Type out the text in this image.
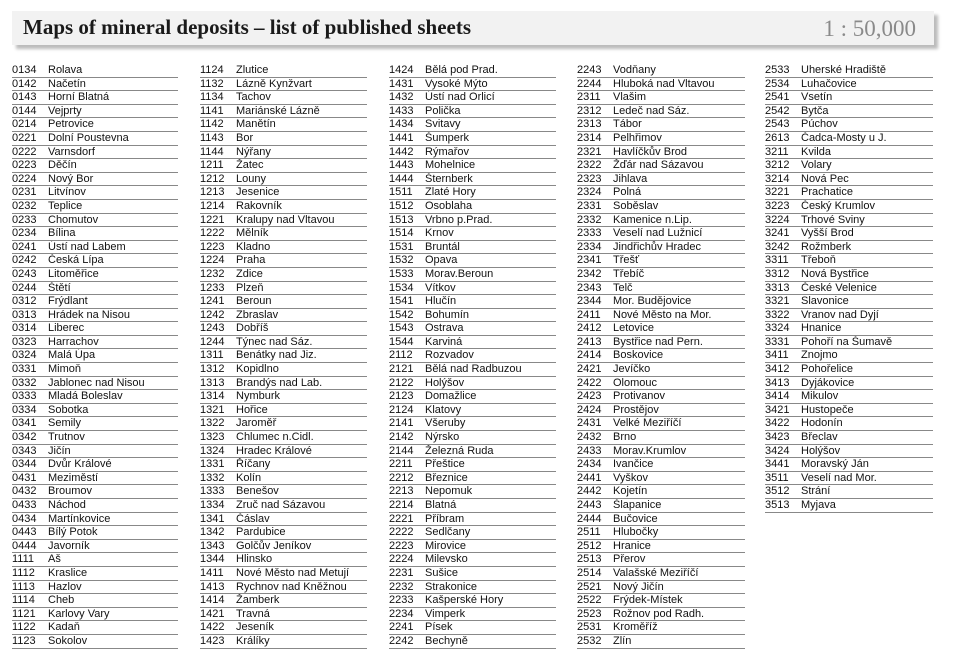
Maps of mineral deposits – list of published sheets	1 : 50,000
0134 Rolava
0142 Načetín
0143 Horní Blatná
0144 Vejprty
0214 Petrovice
0221 Dolní Poustevna
0222 Varnsdorf
0223 Děčín
0224 Nový Bor
0231 Litvínov
0232 Teplice
0233 Chomutov
0234 Bílina
0241 Ústí nad Labem
0242 Česká Lípa
0243 Litoměřice
0244 Štětí
0312 Frýdlant
0313 Hrádek na Nisou
0314 Liberec
0323 Harrachov
0324 Malá Úpa
0331 Mimoň
0332 Jablonec nad Nisou
0333 Mladá Boleslav
0334 Sobotka
0341 Semily
0342 Trutnov
0343 Jičín
0344 Dvůr Králové
0431 Meziměstí
0432 Broumov
0433 Náchod
0434 Martínkovice
0443 Bílý Potok
0444 Javorník
1111 Aš
1112 Kraslice
1113 Hazlov
1114 Cheb
1121 Karlovy Vary
1122 Kadaň
1123 Sokolov
1124 Zlutice
1132 Lázně Kynžvart
1134 Tachov
1141 Mariánské Lázně
1142 Manětín
1143 Bor
1144 Nýřany
1211 Žatec
1212 Louny
1213 Jesenice
1214 Rakovník
1221 Kralupy nad Vltavou
1222 Mělník
1223 Kladno
1224 Praha
1232 Zdice
1233 Plzeň
1241 Beroun
1242 Zbraslav
1243 Dobříš
1244 Týnec nad Sáz.
1311 Benátky nad Jiz.
1312 Kopidlno
1313 Brandýs nad Lab.
1314 Nymburk
1321 Hořice
1322 Jaroměř
1323 Chlumec n.Cidl.
1324 Hradec Králové
1331 Říčany
1332 Kolín
1333 Benešov
1334 Zruč nad Sázavou
1341 Čáslav
1342 Pardubice
1343 Golčův Jeníkov
1344 Hlinsko
1411 Nové Město nad Metují
1413 Rychnov nad Kněžnou
1414 Žamberk
1421 Travná
1422 Jeseník
1423 Králíky
1424 Bělá pod Prad.
1431 Vysoké Mýto
1432 Ústí nad Orlicí
1433 Polička
1434 Svitavy
1441 Šumperk
1442 Rýmařov
1443 Mohelnice
1444 Šternberk
1511 Zlaté Hory
1512 Osoblaha
1513 Vrbno p.Prad.
1514 Krnov
1531 Bruntál
1532 Opava
1533 Morav.Beroun
1534 Vítkov
1541 Hlučín
1542 Bohumín
1543 Ostrava
1544 Karviná
2112 Rozvadov
2121 Bělá nad Radbuzou
2122 Holýšov
2123 Domažlice
2124 Klatovy
2141 Všeruby
2142 Nýrsko
2144 Železná Ruda
2211 Přeštice
2212 Březnice
2213 Nepomuk
2214 Blatná
2221 Příbram
2222 Sedlčany
2223 Mirovice
2224 Milevsko
2231 Sušice
2232 Strakonice
2233 Kašperské Hory
2234 Vimperk
2241 Písek
2242 Bechyně
2243 Vodňany
2244 Hluboká nad Vltavou
2311 Vlašim
2312 Ledeč nad Sáz.
2313 Tábor
2314 Pelhřimov
2321 Havlíčkův Brod
2322 Žďár nad Sázavou
2323 Jihlava
2324 Polná
2331 Soběslav
2332 Kamenice n.Lip.
2333 Veselí nad Lužnicí
2334 Jindřichův Hradec
2341 Třešť
2342 Třebíč
2343 Telč
2344 Mor. Budějovice
2411 Nové Město na Mor.
2412 Letovice
2413 Bystřice nad Pern.
2414 Boskovice
2421 Jevíčko
2422 Olomouc
2423 Protivanov
2424 Prostějov
2431 Velké Meziříčí
2432 Brno
2433 Morav.Krumlov
2434 Ivančice
2441 Vyškov
2442 Kojetín
2443 Šlapanice
2444 Bučovice
2511 Hlubočky
2512 Hranice
2513 Přerov
2514 Valašské Meziříčí
2521 Nový Jičín
2522 Frýdek-Místek
2523 Rožnov pod Radh.
2531 Kroměříž
2532 Zlín
2533 Uherské Hradiště
2534 Luhačovice
2541 Vsetín
2542 Bytča
2543 Púchov
2613 Čadca-Mosty u J.
3211 Kvilda
3212 Volary
3214 Nová Pec
3221 Prachatice
3223 Český Krumlov
3224 Trhové Sviny
3241 Vyšší Brod
3242 Rožmberk
3311 Třeboň
3312 Nová Bystřice
3313 České Velenice
3321 Slavonice
3322 Vranov nad Dyjí
3324 Hnanice
3331 Pohoří na Šumavě
3411 Znojmo
3412 Pohořelice
3413 Dyjákovice
3414 Mikulov
3421 Hustopeče
3422 Hodonín
3423 Břeclav
3424 Holýšov
3441 Moravský Ján
3511 Veselí nad Mor.
3512 Strání
3513 Myjava
